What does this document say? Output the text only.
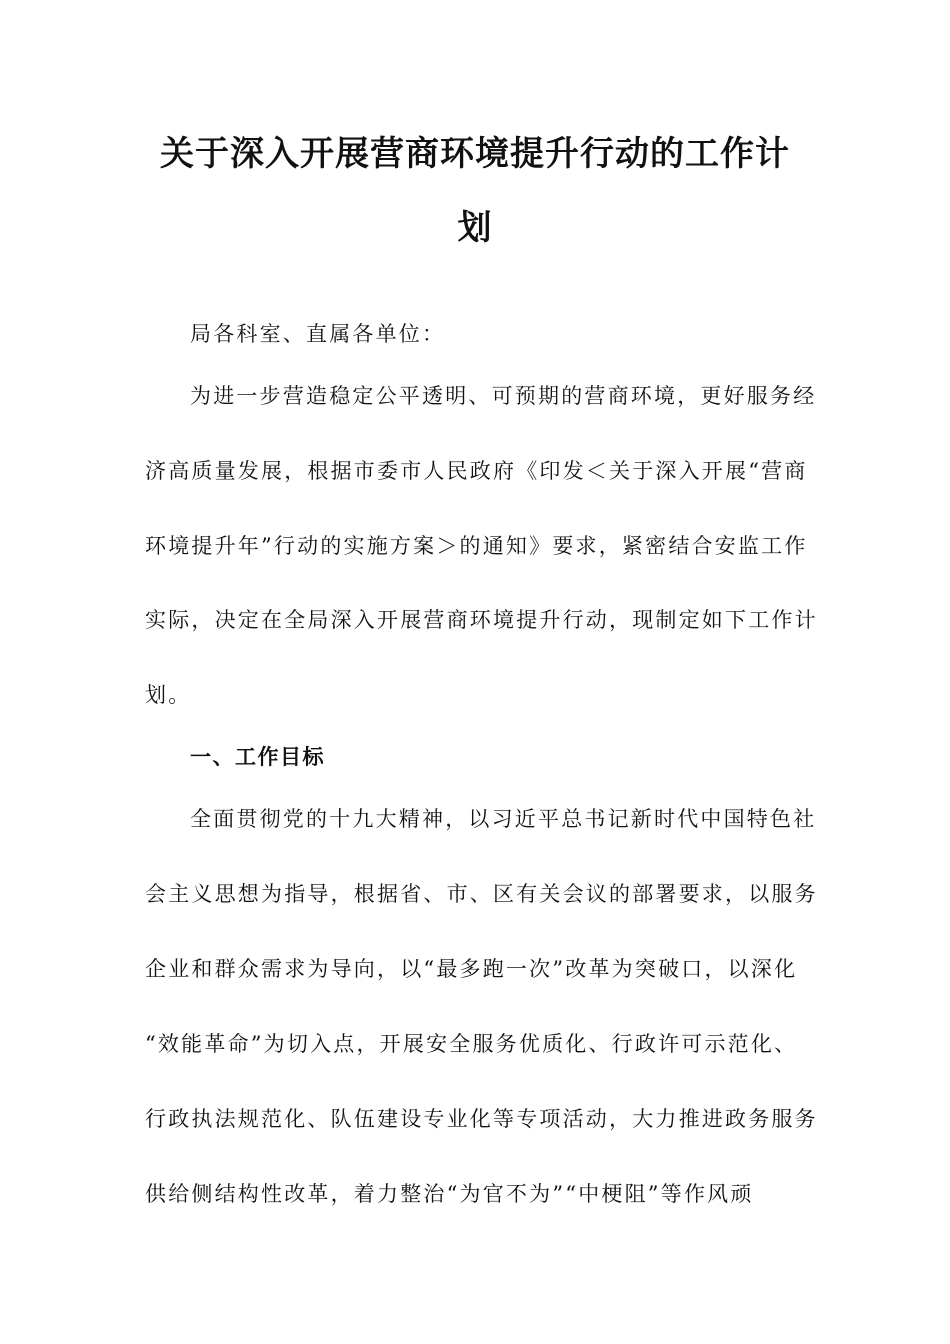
关于深入开展营商环境提升行动的工作计
划
局各科室、直属各单位：
为进一步营造稳定公平透明、可预期的营商环境，更好服务经
济高质量发展，根据市委市人民政府《印发＜关于深入开展“营商
环境提升年”行动的实施方案＞的通知》要求，紧密结合安监工作
实际，决定在全局深入开展营商环境提升行动，现制定如下工作计
划。
一、工作目标
全面贯彻党的十九大精神，以习近平总书记新时代中国特色社
会主义思想为指导，根据省、市、区有关会议的部署要求，以服务
企业和群众需求为导向，以“最多跑一次”改革为突破口，以深化
“效能革命”为切入点，开展安全服务优质化、行政许可示范化、
行政执法规范化、队伍建设专业化等专项活动，大力推进政务服务
供给侧结构性改革，着力整治“为官不为”“中梗阻”等作风顽
